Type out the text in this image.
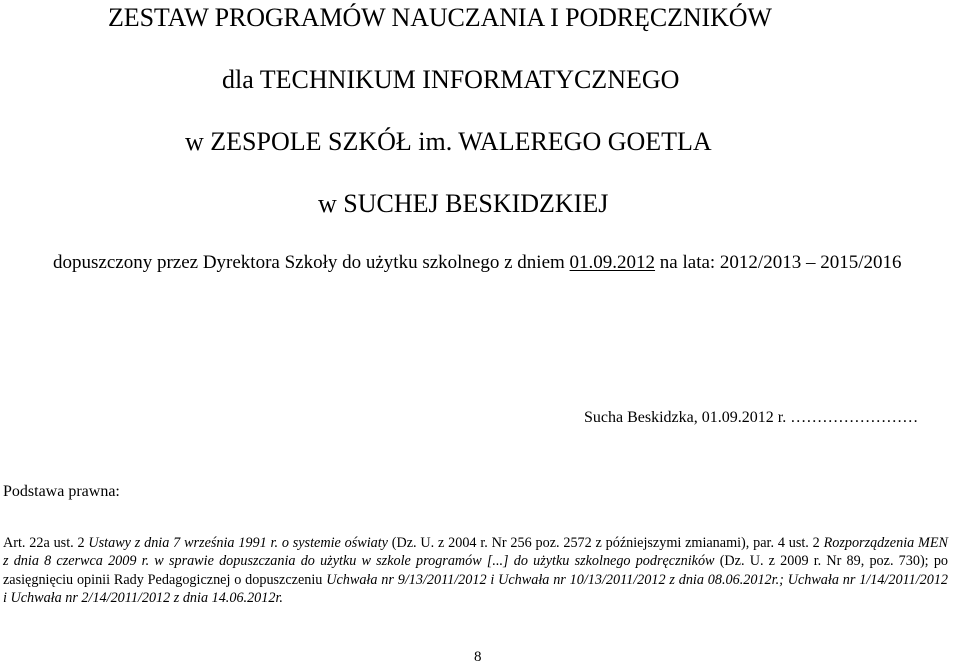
ZESTAW PROGRAMÓW NAUCZANIA I PODRĘCZNIKÓW
dla TECHNIKUM INFORMATYCZNEGO
w ZESPOLE SZKÓŁ im. WALEREGO GOETLA
w SUCHEJ BESKIDZKIEJ
dopuszczony przez Dyrektora Szkoły do użytku szkolnego z dniem 01.09.2012 na lata: 2012/2013 – 2015/2016
Sucha Beskidzka, 01.09.2012 r. ……………………
Podstawa prawna:

Art. 22a ust. 2 Ustawy z dnia 7 września 1991 r. o systemie oświaty (Dz. U. z 2004 r. Nr 256 poz. 2572 z późniejszymi zmianami), par. 4 ust. 2 Rozporządzenia MEN z dnia 8 czerwca 2009 r. w sprawie dopuszczania do użytku w szkole programów [...] do użytku szkolnego podręczników (Dz. U. z 2009 r. Nr 89, poz. 730); po zasięgnięciu opinii Rady Pedagogicznej o dopuszczeniu Uchwała nr 9/13/2011/2012 i Uchwała nr 10/13/2011/2012 z dnia 08.06.2012r.; Uchwała nr 1/14/2011/2012 i Uchwała nr 2/14/2011/2012 z dnia 14.06.2012r.

8
